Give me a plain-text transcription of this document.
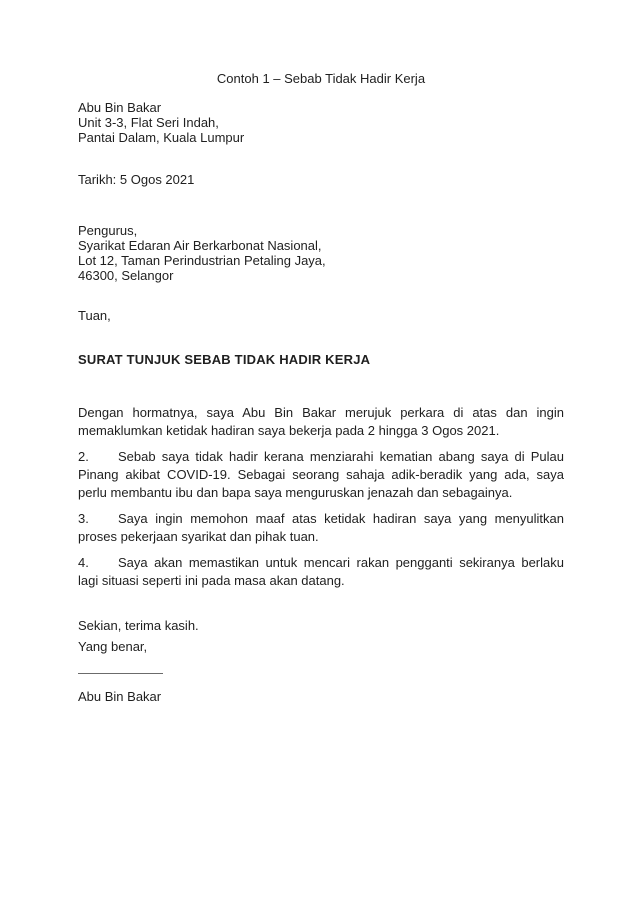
Contoh 1 – Sebab Tidak Hadir Kerja
Abu Bin Bakar
Unit 3-3, Flat Seri Indah,
Pantai Dalam, Kuala Lumpur
Tarikh: 5 Ogos 2021
Pengurus,
Syarikat Edaran Air Berkarbonat Nasional,
Lot 12, Taman Perindustrian Petaling Jaya,
46300, Selangor
Tuan,
SURAT TUNJUK SEBAB TIDAK HADIR KERJA

Dengan hormatnya, saya Abu Bin Bakar merujuk perkara di atas dan ingin memaklumkan ketidak hadiran saya bekerja pada 2 hingga 3 Ogos 2021.

2. Sebab saya tidak hadir kerana menziarahi kematian abang saya di Pulau Pinang akibat COVID-19. Sebagai seorang sahaja adik-beradik yang ada, saya perlu membantu ibu dan bapa saya menguruskan jenazah dan sebagainya.

3. Saya ingin memohon maaf atas ketidak hadiran saya yang menyulitkan proses pekerjaan syarikat dan pihak tuan.

4. Saya akan memastikan untuk mencari rakan pengganti sekiranya berlaku lagi situasi seperti ini pada masa akan datang.

Sekian, terima kasih.
Yang benar,
Abu Bin Bakar
